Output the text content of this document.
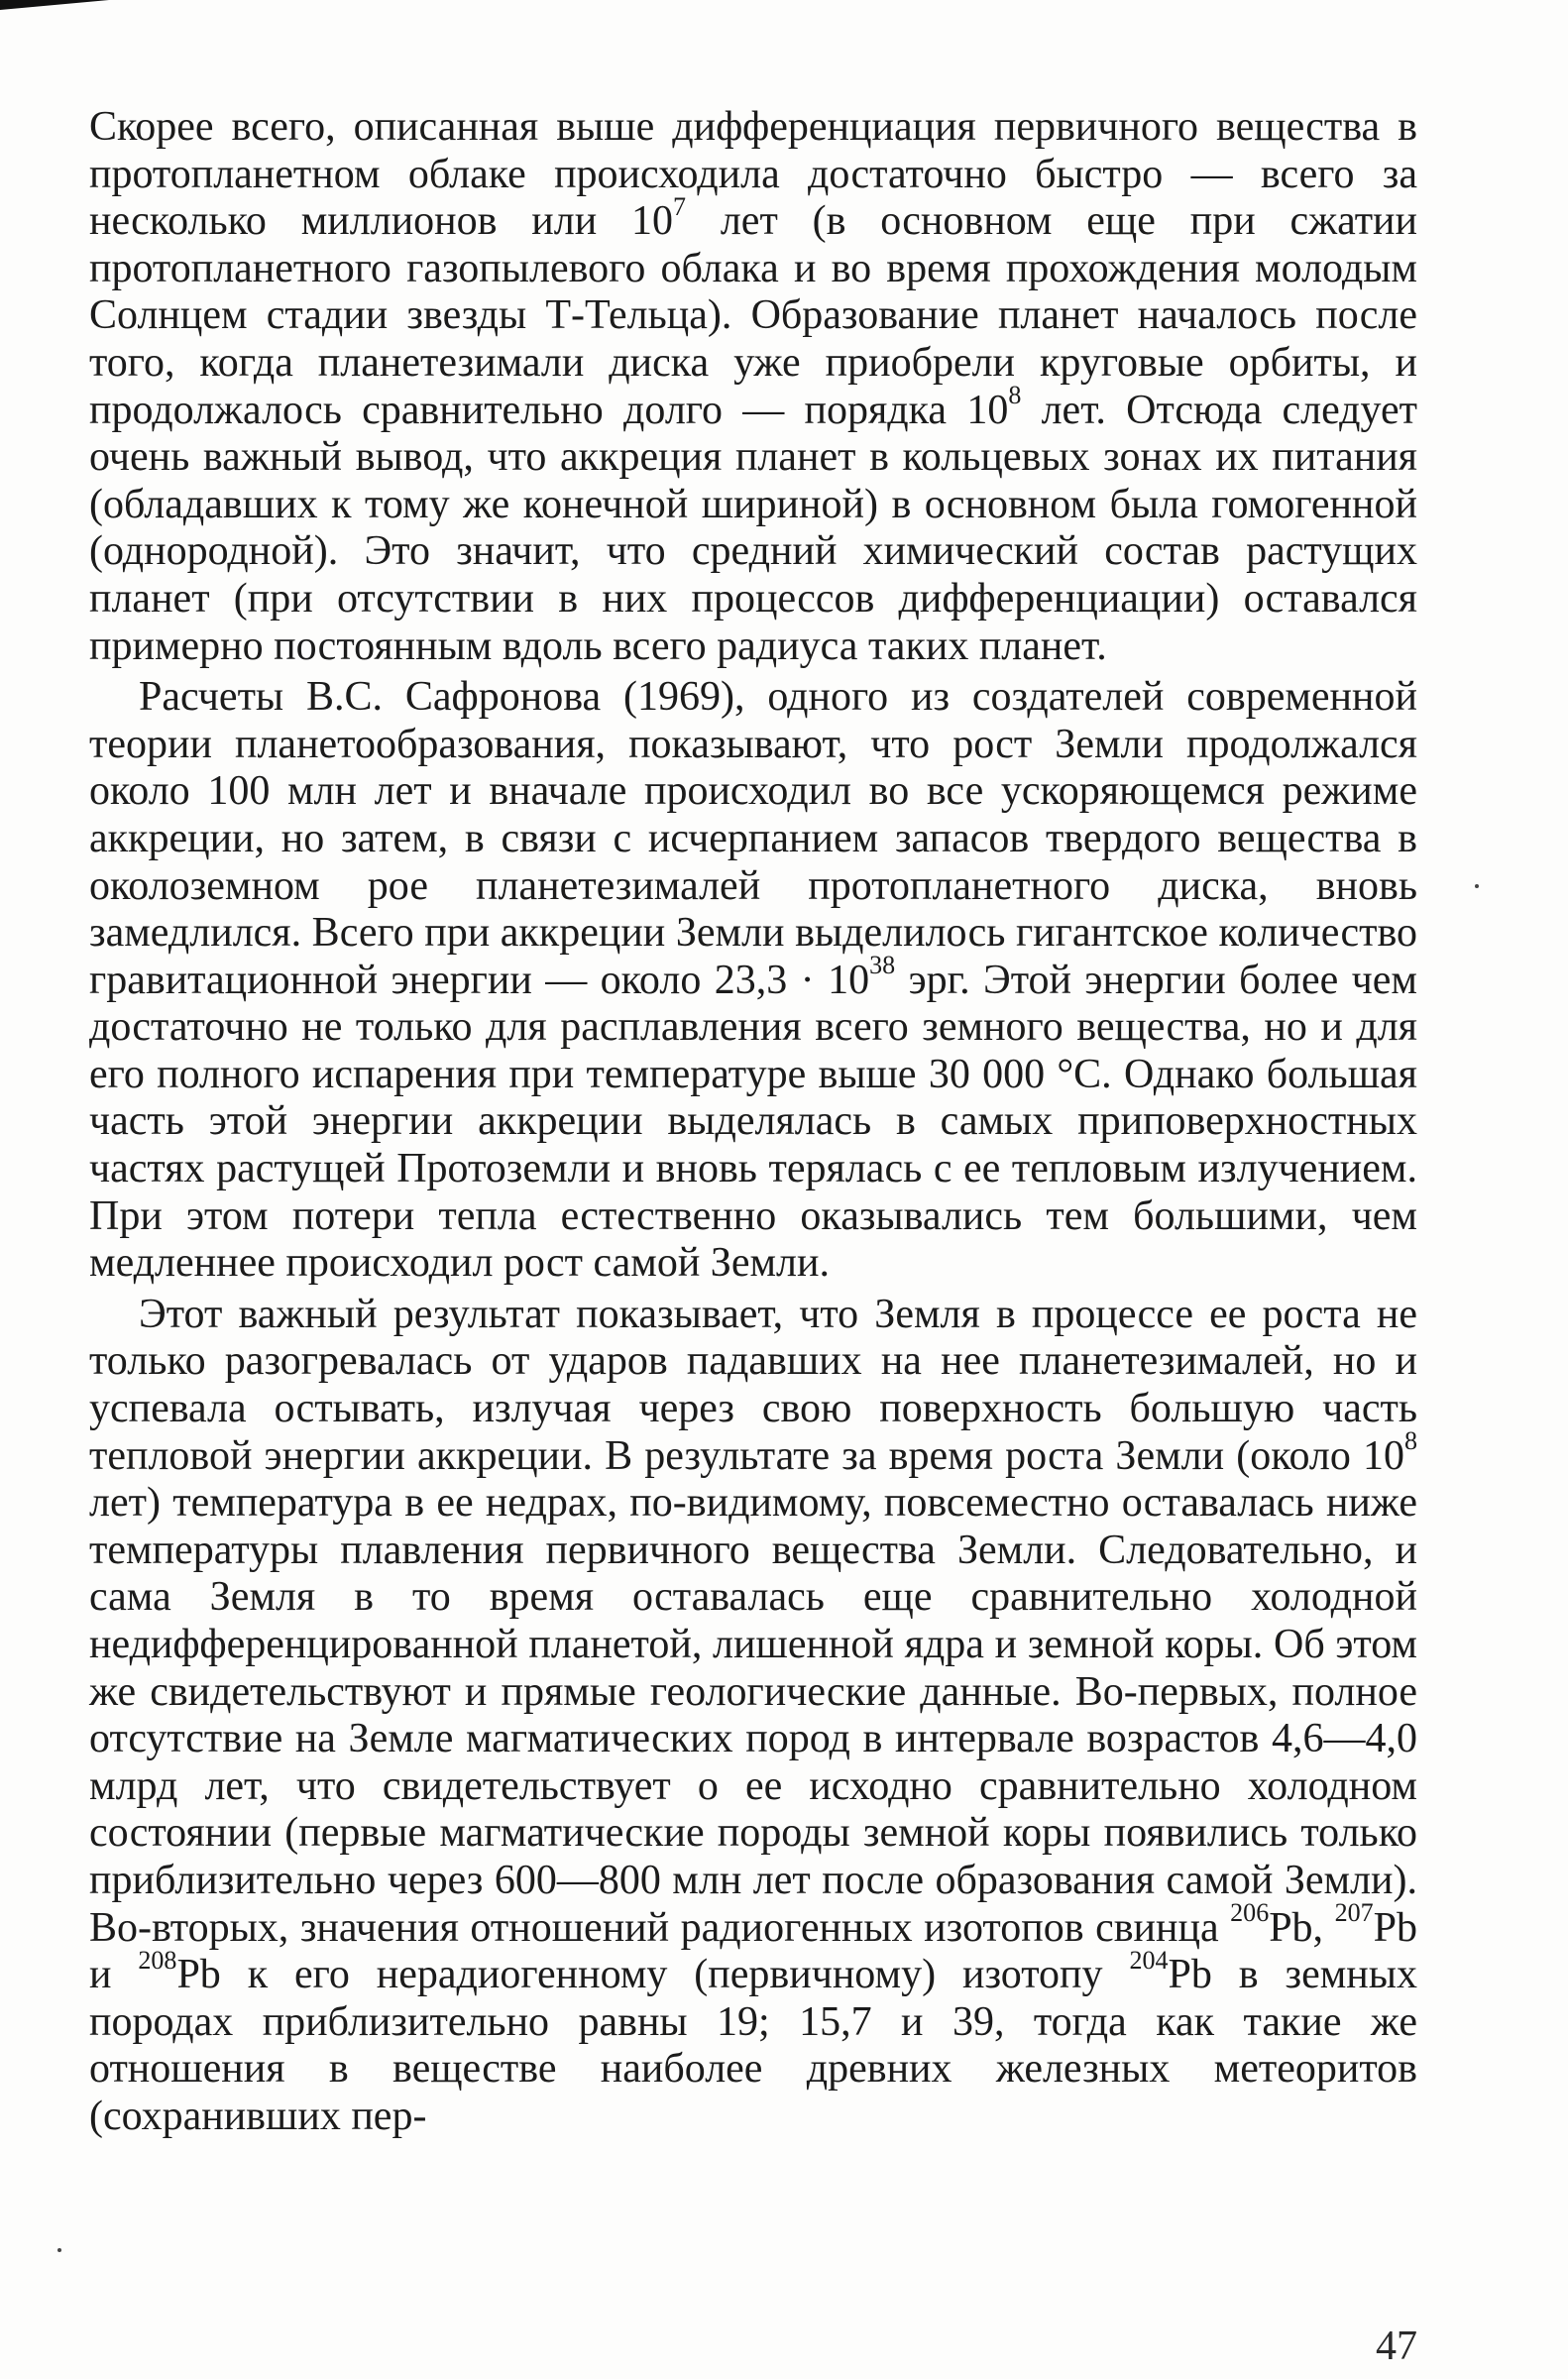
Скорее всего, описанная выше дифференциация первичного вещества в протопланетном облаке происходила достаточно быстро — всего за несколько миллионов или $10^7$ лет (в основном еще при сжатии протопланетного газопылевого облака и во время прохождения молодым Солнцем стадии звезды Т-Тельца). Образование планет началось после того, когда планетезимали диска уже приобрели круговые орбиты, и продолжалось сравнительно долго — порядка $10^8$ лет. Отсюда следует очень важный вывод, что аккреция планет в кольцевых зонах их питания (обладавших к тому же конечной шириной) в основном была гомогенной (однородной). Это значит, что средний химический состав растущих планет (при отсутствии в них процессов дифференциации) оставался примерно постоянным вдоль всего радиуса таких планет.

Расчеты В.С. Сафронова (1969), одного из создателей современной теории планетообразования, показывают, что рост Земли продолжался около 100 млн лет и вначале происходил во все ускоряющемся режиме аккреции, но затем, в связи с исчерпанием запасов твердого вещества в околоземном рое планетезималей протопланетного диска, вновь замедлился. Всего при аккреции Земли выделилось гигантское количество гравитационной энергии — около $23,3 \cdot 10^{38}$ эрг. Этой энергии более чем достаточно не только для расплавления всего земного вещества, но и для его полного испарения при температуре выше 30 000 °С. Однако большая часть этой энергии аккреции выделялась в самых приповерхностных частях растущей Протоземли и вновь терялась с ее тепловым излучением. При этом потери тепла естественно оказывались тем большими, чем медленнее происходил рост самой Земли.

Этот важный результат показывает, что Земля в процессе ее роста не только разогревалась от ударов падавших на нее планетезималей, но и успевала остывать, излучая через свою поверхность большую часть тепловой энергии аккреции. В результате за время роста Земли (около $10^8$ лет) температура в ее недрах, по-видимому, повсеместно оставалась ниже температуры плавления первичного вещества Земли. Следовательно, и сама Земля в то время оставалась еще сравнительно холодной недифференцированной планетой, лишенной ядра и земной коры. Об этом же свидетельствуют и прямые геологические данные. Во-первых, полное отсутствие на Земле магматических пород в интервале возрастов 4,6—4,0 млрд лет, что свидетельствует о ее исходно сравнительно холодном состоянии (первые магматические породы земной коры появились только приблизительно через 600—800 млн лет после образования самой Земли). Во-вторых, значения отношений радиогенных изотопов свинца $^{206}$Pb, $^{207}$Pb и $^{208}$Pb к его нерадиогенному (первичному) изотопу $^{204}$Pb в земных породах приблизительно равны 19; 15,7 и 39, тогда как такие же отношения в веществе наиболее древних железных метеоритов (сохранивших пер-

47
